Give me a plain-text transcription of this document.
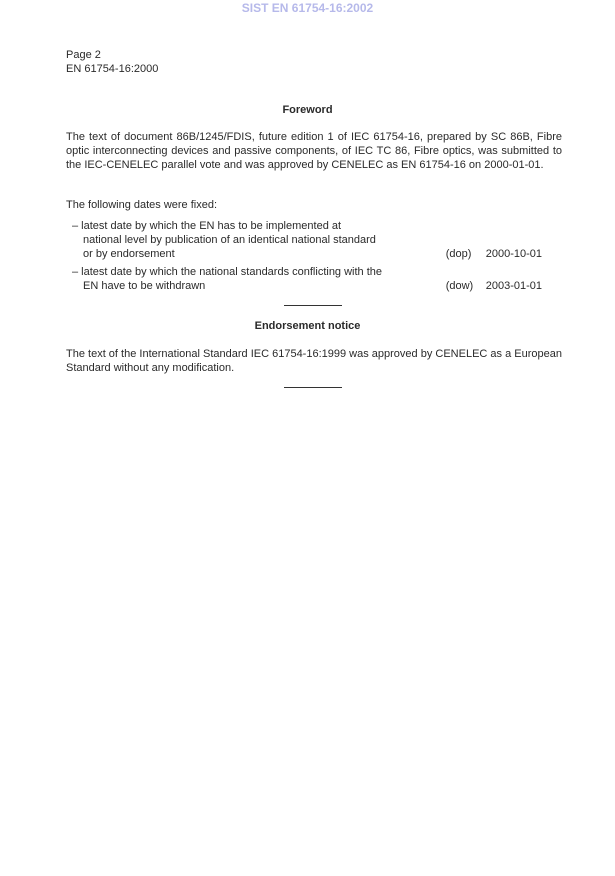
SIST EN 61754-16:2002
Page 2
EN 61754-16:2000
Foreword
The text of document 86B/1245/FDIS, future edition 1 of IEC 61754-16, prepared by SC 86B, Fibre optic interconnecting devices and passive components, of IEC TC 86, Fibre optics, was submitted to the IEC-CENELEC parallel vote and was approved by CENELEC as EN 61754-16 on 2000-01-01.
The following dates were fixed:
– latest date by which the EN has to be implemented at national level by publication of an identical national standard or by endorsement	(dop) 2000-10-01
– latest date by which the national standards conflicting with the EN have to be withdrawn	(dow) 2003-01-01
Endorsement notice
The text of the International Standard IEC 61754-16:1999 was approved by CENELEC as a European Standard without any modification.
